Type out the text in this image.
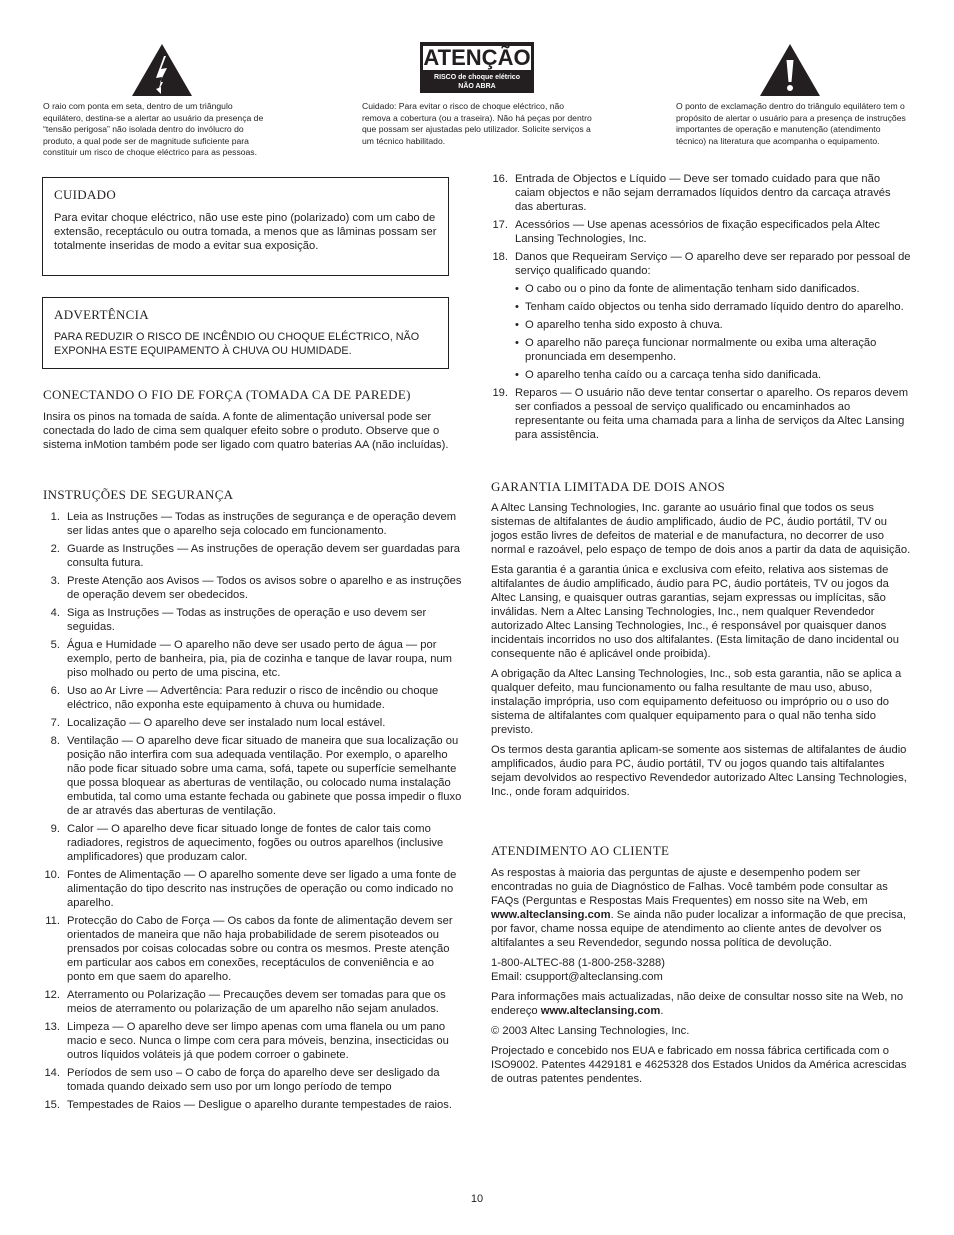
ATENÇÃO
RISCO de choque elétrico
NÃO ABRA
O raio com ponta em seta, dentro de um triângulo equilátero, destina-se a alertar ao usuário da presença de “tensão perigosa” não isolada dentro do invólucro do produto, a qual pode ser de magnitude suficiente para constituir um risco de choque eléctrico para as pessoas.
Cuidado: Para evitar o risco de choque eléctrico, não remova a cobertura (ou a traseira). Não há peças por dentro que possam ser ajustadas pelo utilizador. Solicite serviços a um técnico habilitado.
O ponto de exclamação dentro do triângulo equilátero tem o propósito de alertar o usuário para a presença de instruções importantes de operação e manutenção (atendimento técnico) na literatura que acompanha o equipamento.
CUIDADO
Para evitar choque eléctrico, não use este pino (polarizado) com um cabo de extensão, receptáculo ou outra tomada, a menos que as lâminas possam ser totalmente inseridas de modo a evitar sua exposição.
ADVERTÊNCIA
PARA REDUZIR O RISCO DE INCÊNDIO OU CHOQUE ELÉCTRICO, NÃO EXPONHA ESTE EQUIPAMENTO À CHUVA OU HUMIDADE.
CONECTANDO O FIO DE FORÇA (TOMADA CA DE PAREDE)
Insira os pinos na tomada de saída. A fonte de alimentação universal pode ser conectada do lado de cima sem qualquer efeito sobre o produto. Observe que o sistema inMotion também pode ser ligado com quatro baterias AA (não incluídas).
INSTRUÇÕES DE SEGURANÇA
1. Leia as Instruções — Todas as instruções de segurança e de operação devem ser lidas antes que o aparelho seja colocado em funcionamento.
2. Guarde as Instruções — As instruções de operação devem ser guardadas para consulta futura.
3. Preste Atenção aos Avisos — Todos os avisos sobre o aparelho e as instruções de operação devem ser obedecidos.
4. Siga as Instruções — Todas as instruções de operação e uso devem ser seguidas.
5. Água e Humidade — O aparelho não deve ser usado perto de água — por exemplo, perto de banheira, pia, pia de cozinha e tanque de lavar roupa, num piso molhado ou perto de uma piscina, etc.
6. Uso ao Ar Livre — Advertência: Para reduzir o risco de incêndio ou choque eléctrico, não exponha este equipamento à chuva ou humidade.
7. Localização — O aparelho deve ser instalado num local estável.
8. Ventilação — O aparelho deve ficar situado de maneira que sua localização ou posição não interfira com sua adequada ventilação. Por exemplo, o aparelho não pode ficar situado sobre uma cama, sofá, tapete ou superfície semelhante que possa bloquear as aberturas de ventilação, ou colocado numa instalação embutida, tal como uma estante fechada ou gabinete que possa impedir o fluxo de ar através das aberturas de ventilação.
9. Calor — O aparelho deve ficar situado longe de fontes de calor tais como radiadores, registros de aquecimento, fogões ou outros aparelhos (inclusive amplificadores) que produzam calor.
10. Fontes de Alimentação — O aparelho somente deve ser ligado a uma fonte de alimentação do tipo descrito nas instruções de operação ou como indicado no aparelho.
11. Protecção do Cabo de Força — Os cabos da fonte de alimentação devem ser orientados de maneira que não haja probabilidade de serem pisoteados ou prensados por coisas colocadas sobre ou contra os mesmos. Preste atenção em particular aos cabos em conexões, receptáculos de conveniência e ao ponto em que saem do aparelho.
12. Aterramento ou Polarização — Precauções devem ser tomadas para que os meios de aterramento ou polarização de um aparelho não sejam anulados.
13. Limpeza — O aparelho deve ser limpo apenas com uma flanela ou um pano macio e seco. Nunca o limpe com cera para móveis, benzina, insecticidas ou outros líquidos voláteis já que podem corroer o gabinete.
14. Períodos de sem uso – O cabo de força do aparelho deve ser desligado da tomada quando deixado sem uso por um longo período de tempo
15. Tempestades de Raios — Desligue o aparelho durante tempestades de raios.
16. Entrada de Objectos e Líquido — Deve ser tomado cuidado para que não caiam objectos e não sejam derramados líquidos dentro da carcaça através das aberturas.
17. Acessórios — Use apenas acessórios de fixação especificados pela Altec Lansing Technologies, Inc.
18. Danos que Requeiram Serviço — O aparelho deve ser reparado por pessoal de serviço qualificado quando:
• O cabo ou o pino da fonte de alimentação tenham sido danificados.
• Tenham caído objectos ou tenha sido derramado líquido dentro do aparelho.
• O aparelho tenha sido exposto à chuva.
• O aparelho não pareça funcionar normalmente ou exiba uma alteração pronunciada em desempenho.
• O aparelho tenha caído ou a carcaça tenha sido danificada.
19. Reparos — O usuário não deve tentar consertar o aparelho. Os reparos devem ser confiados a pessoal de serviço qualificado ou encaminhados ao representante ou feita uma chamada para a linha de serviços da Altec Lansing para assistência.
GARANTIA LIMITADA DE DOIS ANOS

A Altec Lansing Technologies, Inc. garante ao usuário final que todos os seus sistemas de altifalantes de áudio amplificado, áudio de PC, áudio portátil, TV ou jogos estão livres de defeitos de material e de manufactura, no decorrer de uso normal e razoável, pelo espaço de tempo de dois anos a partir da data de aquisição.

Esta garantia é a garantia única e exclusiva com efeito, relativa aos sistemas de altifalantes de áudio amplificado, áudio para PC, áudio portáteis, TV ou jogos da Altec Lansing, e quaisquer outras garantias, sejam expressas ou implícitas, são inválidas. Nem a Altec Lansing Technologies, Inc., nem qualquer Revendedor autorizado Altec Lansing Technologies, Inc., é responsável por quaisquer danos incidentais incorridos no uso dos altifalantes. (Esta limitação de dano incidental ou consequente não é aplicável onde proibida).

A obrigação da Altec Lansing Technologies, Inc., sob esta garantia, não se aplica a qualquer defeito, mau funcionamento ou falha resultante de mau uso, abuso, instalação imprópria, uso com equipamento defeituoso ou impróprio ou o uso do sistema de altifalantes com qualquer equipamento para o qual não tenha sido previsto.

Os termos desta garantia aplicam-se somente aos sistemas de altifalantes de áudio amplificados, áudio para PC, áudio portátil, TV ou jogos quando tais altifalantes sejam devolvidos ao respectivo Revendedor autorizado Altec Lansing Technologies, Inc., onde foram adquiridos.

ATENDIMENTO AO CLIENTE

As respostas à maioria das perguntas de ajuste e desempenho podem ser encontradas no guia de Diagnóstico de Falhas. Você também pode consultar as FAQs (Perguntas e Respostas Mais Frequentes) em nosso site na Web, em www.alteclansing.com. Se ainda não puder localizar a informação de que precisa, por favor, chame nossa equipe de atendimento ao cliente antes de devolver os altifalantes a seu Revendedor, segundo nossa política de devolução.

1-800-ALTEC-88 (1-800-258-3288)
Email: csupport@alteclansing.com

Para informações mais actualizadas, não deixe de consultar nosso site na Web, no endereço www.alteclansing.com.

© 2003 Altec Lansing Technologies, Inc.

Projectado e concebido nos EUA e fabricado em nossa fábrica certificada com o ISO9002. Patentes 4429181 e 4625328 dos Estados Unidos da América acrescidas de outras patentes pendentes.

10
